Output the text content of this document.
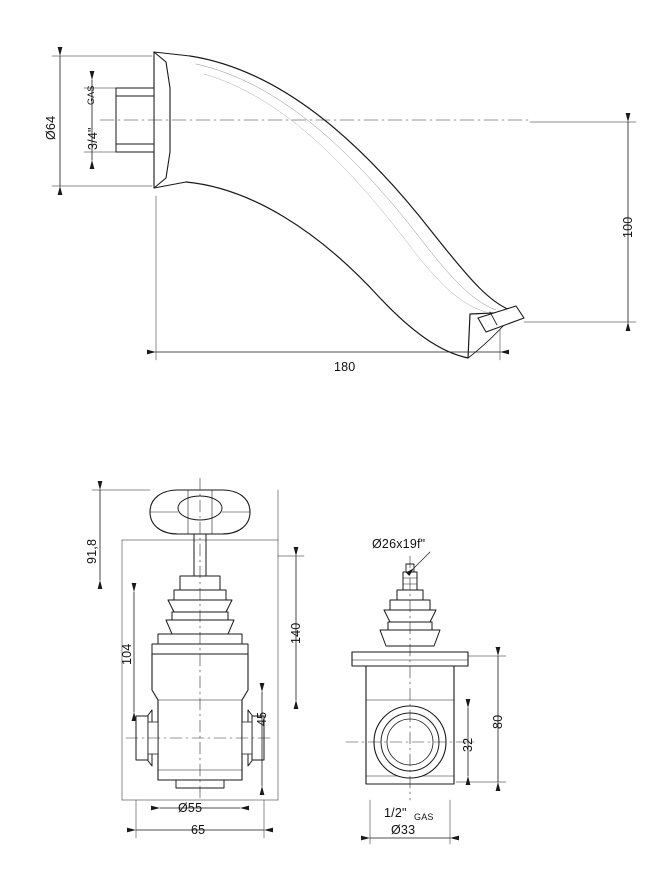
Ø64 3/4"
GAS
100
180
91,8
104
140
45
Ø55
65
Ø26x19f"
80
32
1/2" GAS
Ø33
